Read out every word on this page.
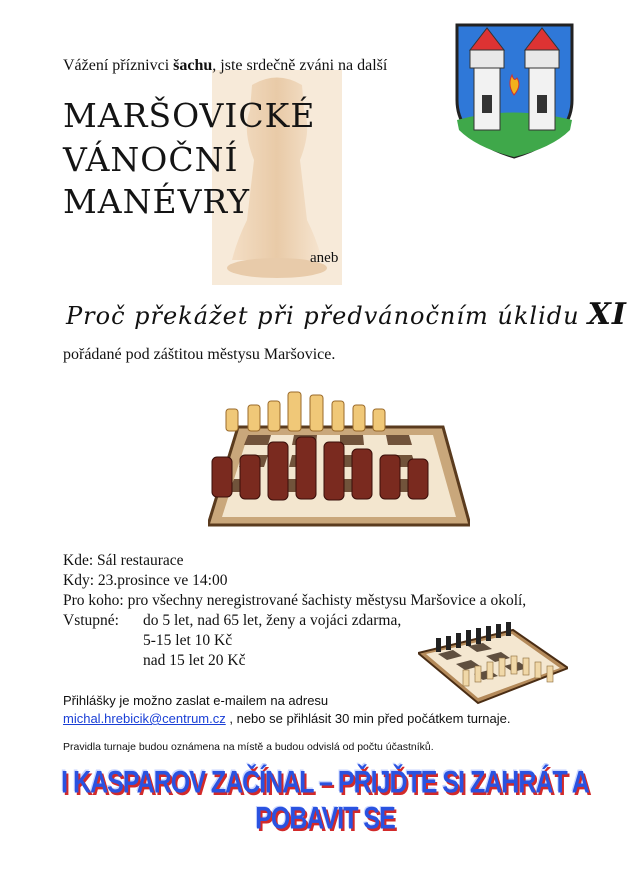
Vážení příznivci šachu, jste srdečně zváni na další
MARŠOVICKÉ
VÁNOČNÍ
MANÉVRY
aneb
Proč překážet při předvánočním úklidu XI
pořádané pod záštitou městysu Maršovice.
Kde: Sál restaurace
Kdy: 23.prosince ve 14:00
Pro koho: pro všechny neregistrované šachisty městysu Maršovice a okolí,
Vstupné: do 5 let, nad 65 let, ženy a vojáci zdarma,
5-15 let 10 Kč
nad 15 let 20 Kč
Přihlášky je možno zaslat e-mailem na adresu
michal.hrebicik@centrum.cz , nebo se přihlásit 30 min před počátkem turnaje.
Pravidla turnaje budou oznámena na místě a budou odvislá od počtu účastníků.
I KASPAROV ZAČÍNAL – PŘIJĎTE SI ZAHRÁT A POBAVIT SE
